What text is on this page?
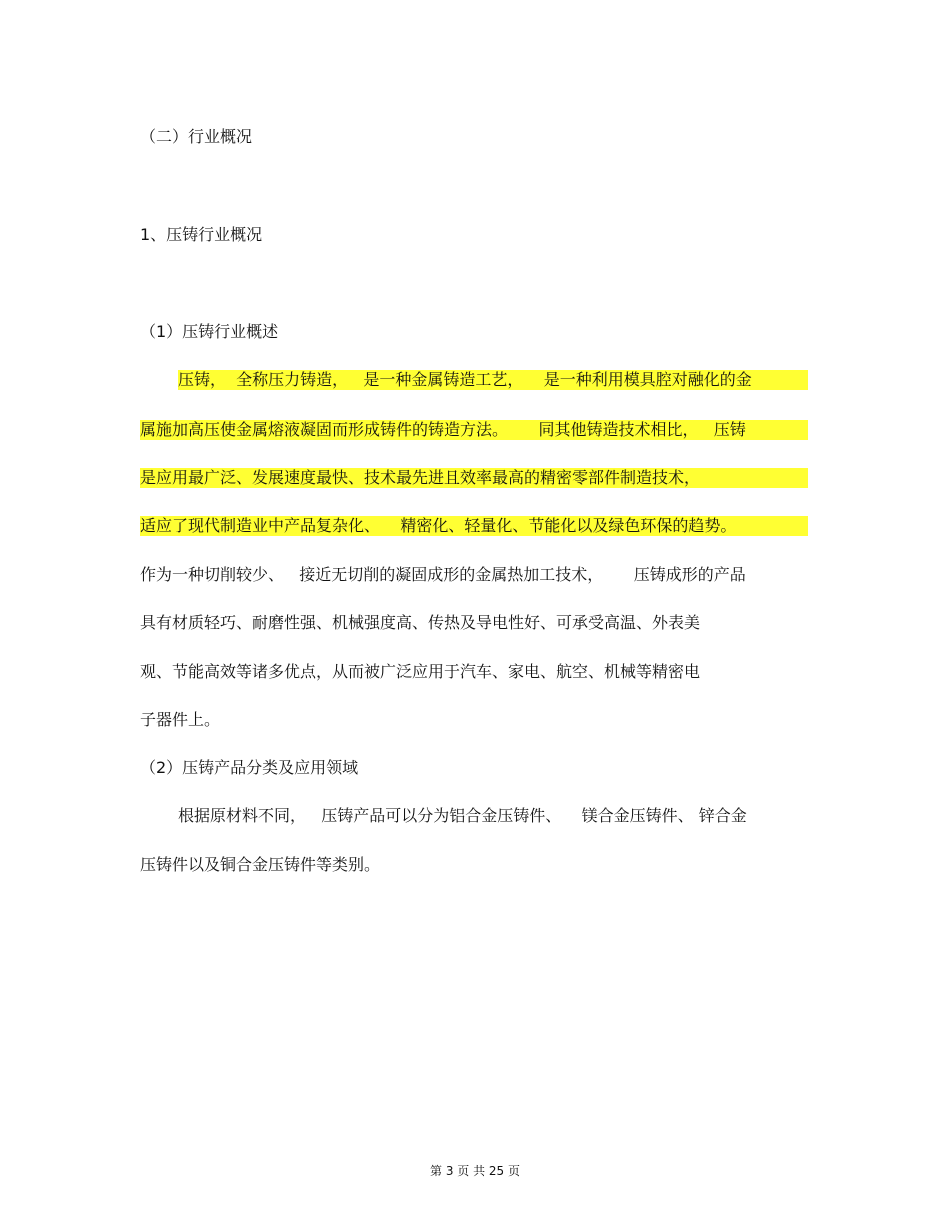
（二）行业概况
1、压铸行业概况
（1）压铸行业概述
压铸，  全称压力铸造，   是一种金属铸造工艺，    是一种利用模具腔对融化的金
属施加高压使金属熔液凝固而形成铸件的铸造方法。      同其他铸造技术相比，   压铸
是应用最广泛、发展速度最快、技术最先进且效率最高的精密零部件制造技术，
适应了现代制造业中产品复杂化、    精密化、轻量化、节能化以及绿色环保的趋势。
作为一种切削较少、   接近无切削的凝固成形的金属热加工技术，      压铸成形的产品
具有材质轻巧、耐磨性强、机械强度高、传热及导电性好、可承受高温、外表美
观、节能高效等诸多优点，从而被广泛应用于汽车、家电、航空、机械等精密电
子器件上。
（2）压铸产品分类及应用领域
根据原材料不同，   压铸产品可以分为铝合金压铸件、    镁合金压铸件、 锌合金
压铸件以及铜合金压铸件等类别。
第 3 页 共 25 页
